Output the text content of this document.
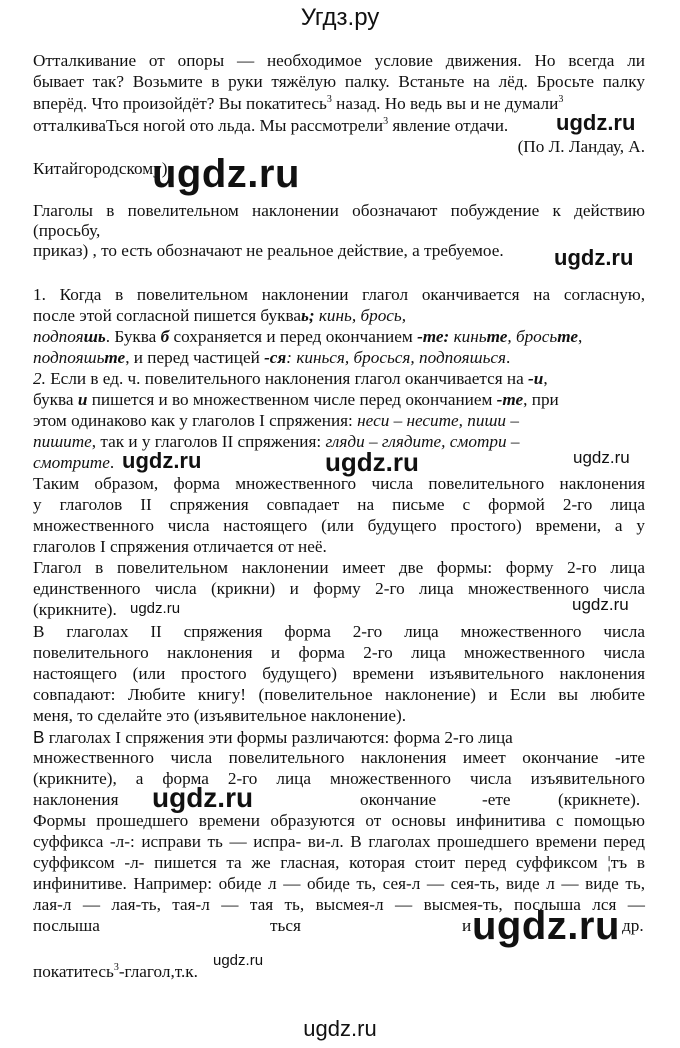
Угдз.ру
Отталкивание от опоры — необходимое условие движения. Но всегда ли
бывает так? Возьмите в руки тяжёлую палку. Встаньте на лёд. Бросьте палку
вперёд. Что произойдёт? Вы покатитесь$^3$ назад. Но ведь вы и не думали$^3$
отталкиваТься ногой ото льда. Мы рассмотрели$^3$ явление отдачи.
(По Л. Ландау, А.
Китайгородскому)
Глаголы в повелительном наклонении обозначают побуждение к действию
(просьбу,
приказ) , то есть обозначают не реальное действие, а требуемое.
1. Когда в повелительном наклонении глагол оканчивается на согласную,
после этой согласной пишется букваь; кинь, брось,
подпояшь. Буква б сохраняется и перед окончанием -те: киньте, бросьте,
подпояшьте, и перед частицей -ся: кинься, бросься, подпояшься.
2. Если в ед. ч. повелительного наклонения глагол оканчивается на -и,
буква и пишется и во множественном числе перед окончанием -те, при
этом одинаково как у глаголов I спряжения: неси – несите, пиши –
пишите, так и у глаголов II спряжения: гляди – глядите, смотри –
смотрите.
Таким образом, форма множественного числа повелительного наклонения
у глаголов II спряжения совпадает на письме с формой 2-го лица
множественного числа настоящего (или будущего простого) времени, а у
глаголов I спряжения отличается от неё.
Глагол в повелительном наклонении имеет две формы: форму 2-го лица
единственного числа (крикни) и форму 2-го лица множественного числа
(крикните).
В глаголах II спряжения форма 2-го лица множественного числа
повелительного наклонения и форма 2-го лица множественного числа
настоящего (или простого будущего) времени изъявительного наклонения
совпадают: Любите книгу! (повелительное наклонение) и Если вы любите
меня, то сделайте это (изъявительное наклонение).
В глаголах I спряжения эти формы различаются: форма 2-го лица
множественного числа повелительного наклонения имеет окончание -ите
(крикните), а форма 2-го лица множественного числа изъявительного
наклонения	окончание	-ете	(крикнете).
Формы прошедшего времени образуются от основы инфинитива с помощью
суффикса -л-: исправи ть — испра- ви-л. В глаголах прошедшего времени перед
суффиксом -л- пишется та же гласная, которая стоит перед суффиксом ¦тъ в
инфинитиве. Например: обиде л — обиде ть, сея-л — сея-ть, виде л — виде ть,
лая-л — лая-ть, тая-л — тая ть, высмея-л — высмея-ть, послыша лся —
послыша	ться	и	др.
покатитесь$^3$-глагол,т.к.
ugdz.ru
ugdz.ru
ugdz.ru
ugdz.ru	ugdz.ru	ugdz.ru
ugdz.ru	ugdz.ru
ugdz.ru
ugdz.ru
ugdz.ru
ugdz.ru
